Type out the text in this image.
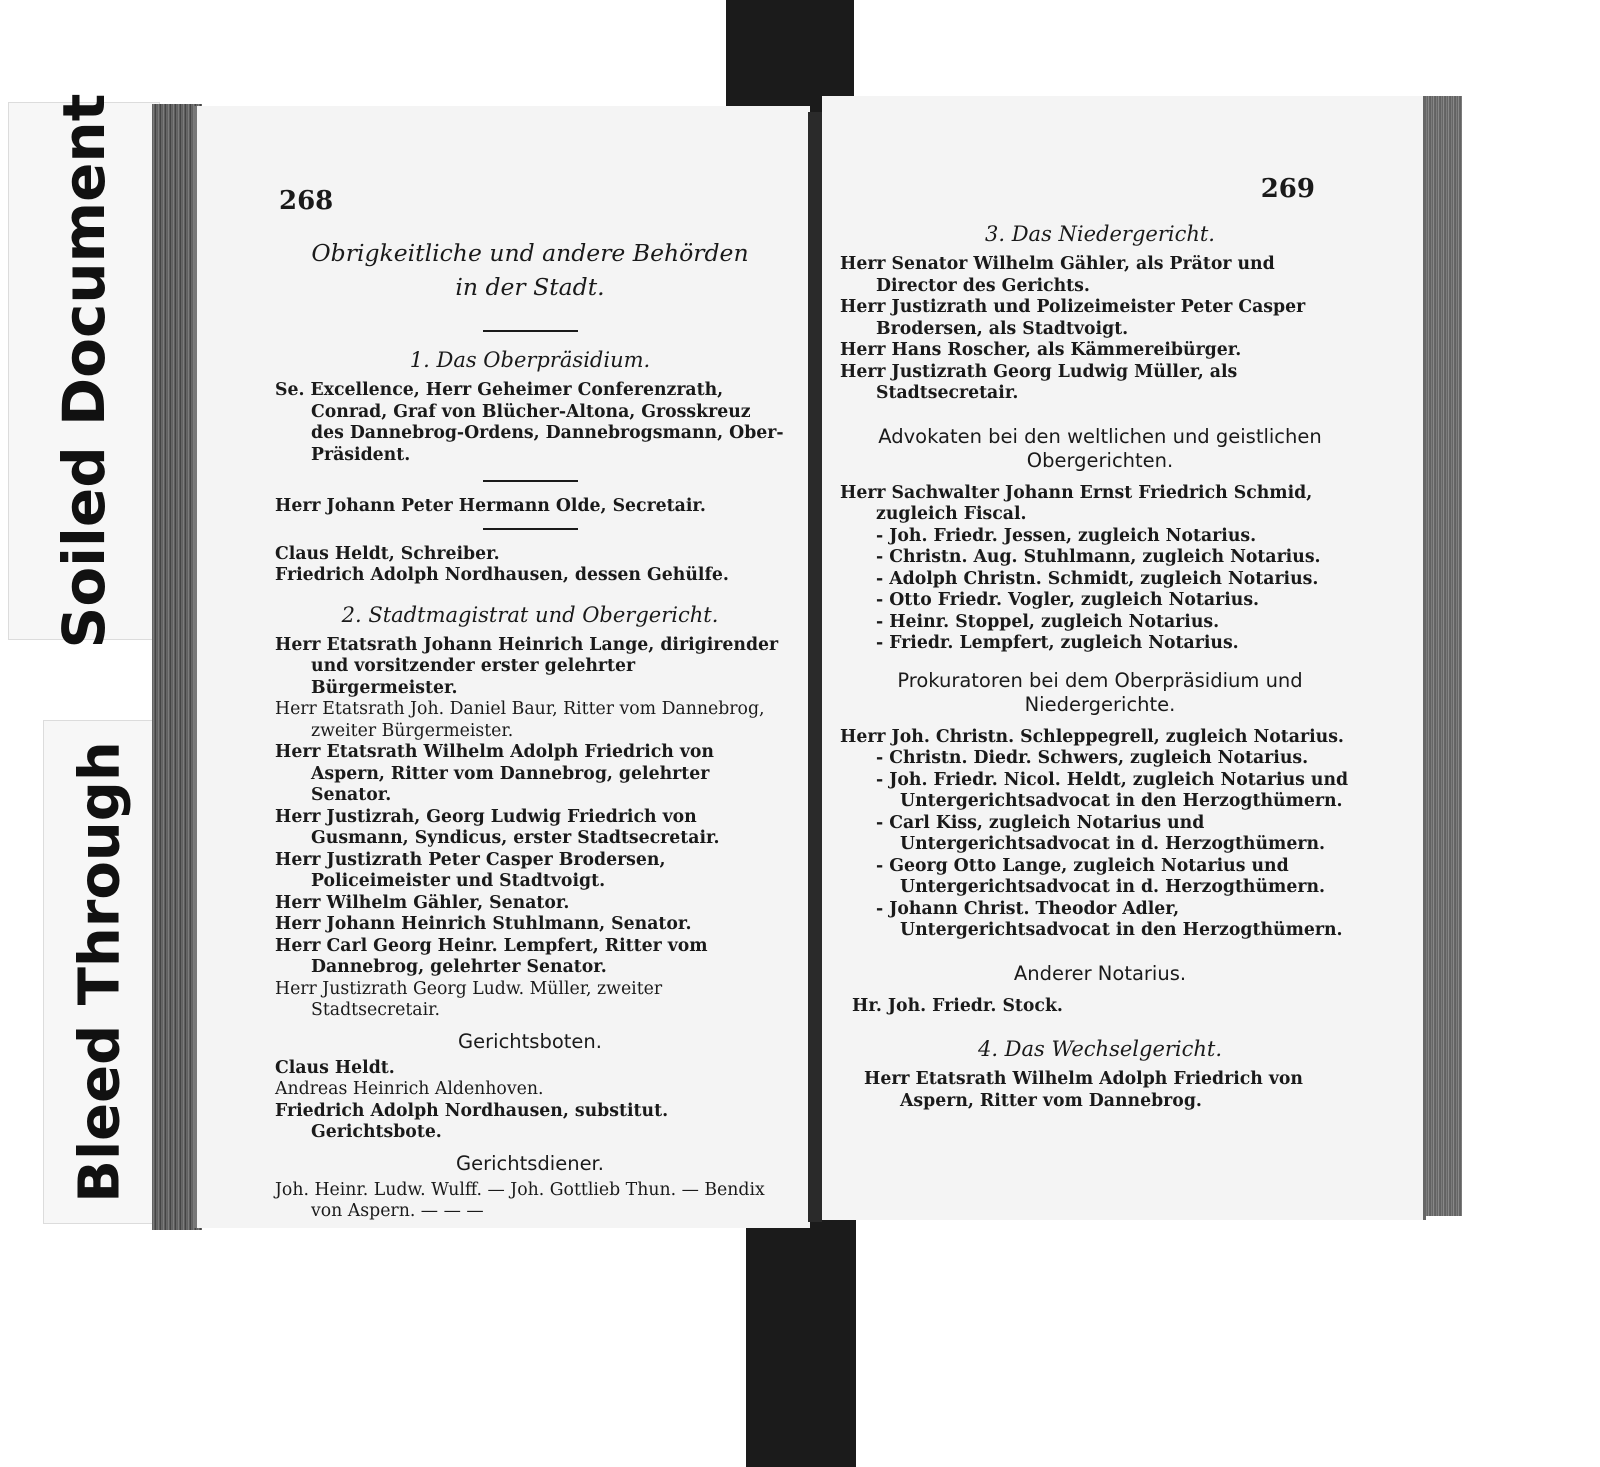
Soiled Document
Bleed Through
268
Obrigkeitliche und andere Behörden
in der Stadt.
1. Das Oberpräsidium.

Se. Excellence, Herr Geheimer Conferenzrath, Conrad, Graf von Blücher-Altona, Grosskreuz des Dannebrog-Ordens, Dannebrogsmann, Ober-Präsident.

Herr Johann Peter Hermann Olde, Secretair.

Claus Heldt, Schreiber.

Friedrich Adolph Nordhausen, dessen Gehülfe.

2. Stadtmagistrat und Obergericht.

Herr Etatsrath Johann Heinrich Lange, dirigirender und vorsitzender erster gelehrter Bürgermeister.

Herr Etatsrath Joh. Daniel Baur, Ritter vom Dannebrog, zweiter Bürgermeister.

Herr Etatsrath Wilhelm Adolph Friedrich von Aspern, Ritter vom Dannebrog, gelehrter Senator.

Herr Justizrah, Georg Ludwig Friedrich von Gusmann, Syndicus, erster Stadtsecretair.

Herr Justizrath Peter Casper Brodersen, Policeimeister und Stadtvoigt.

Herr Wilhelm Gähler, Senator.

Herr Johann Heinrich Stuhlmann, Senator.

Herr Carl Georg Heinr. Lempfert, Ritter vom Dannebrog, gelehrter Senator.

Herr Justizrath Georg Ludw. Müller, zweiter Stadtsecretair.

Gerichtsboten.

Claus Heldt.

Andreas Heinrich Aldenhoven.

Friedrich Adolph Nordhausen, substitut. Gerichtsbote.

Gerichtsdiener.

Joh. Heinr. Ludw. Wulff. — Joh. Gottlieb Thun. — Bendix von Aspern. — — —

269
3. Das Niedergericht.

Herr Senator Wilhelm Gähler, als Prätor und Director des Gerichts.

Herr Justizrath und Polizeimeister Peter Casper Brodersen, als Stadtvoigt.

Herr Hans Roscher, als Kämmereibürger.

Herr Justizrath Georg Ludwig Müller, als Stadtsecretair.

Advokaten bei den weltlichen und geistlichen Obergerichten.

Herr Sachwalter Johann Ernst Friedrich Schmid, zugleich Fiscal.

- Joh. Friedr. Jessen, zugleich Notarius.

- Christn. Aug. Stuhlmann, zugleich Notarius.

- Adolph Christn. Schmidt, zugleich Notarius.

- Otto Friedr. Vogler, zugleich Notarius.

- Heinr. Stoppel, zugleich Notarius.

- Friedr. Lempfert, zugleich Notarius.

Prokuratoren bei dem Oberpräsidium und Niedergerichte.

Herr Joh. Christn. Schleppegrell, zugleich Notarius.

- Christn. Diedr. Schwers, zugleich Notarius.

- Joh. Friedr. Nicol. Heldt, zugleich Notarius und Untergerichtsadvocat in den Herzogthümern.

- Carl Kiss, zugleich Notarius und Untergerichtsadvocat in d. Herzogthümern.

- Georg Otto Lange, zugleich Notarius und Untergerichtsadvocat in d. Herzogthümern.

- Johann Christ. Theodor Adler, Untergerichtsadvocat in den Herzogthümern.

Anderer Notarius.

Hr. Joh. Friedr. Stock.

4. Das Wechselgericht.

Herr Etatsrath Wilhelm Adolph Friedrich von Aspern, Ritter vom Dannebrog.
